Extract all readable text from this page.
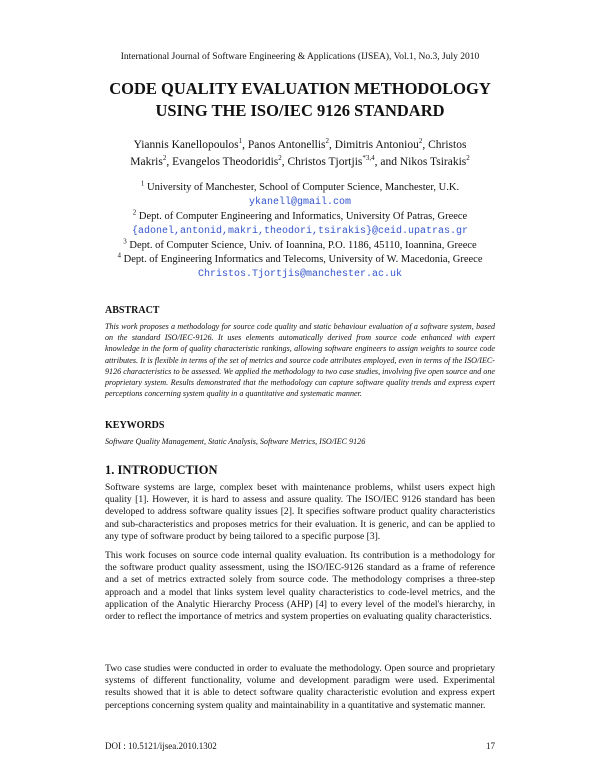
International Journal of Software Engineering & Applications (IJSEA), Vol.1, No.3, July 2010
CODE QUALITY EVALUATION METHODOLOGY
USING THE ISO/IEC 9126 STANDARD
Yiannis Kanellopoulos$^1$, Panos Antonellis$^2$, Dimitris Antoniou$^2$, Christos
Makris$^2$, Evangelos Theodoridis$^2$, Christos Tjortjis$^{*3,4}$, and Nikos Tsirakis$^2$
$^1$ University of Manchester, School of Computer Science, Manchester, U.K.
ykanell@gmail.com
$^2$ Dept. of Computer Engineering and Informatics, University Of Patras, Greece
{adonel,antonid,makri,theodori,tsirakis}@ceid.upatras.gr
$^3$ Dept. of Computer Science, Univ. of Ioannina, P.O. 1186, 45110, Ioannina, Greece
$^4$ Dept. of Engineering Informatics and Telecoms, University of W. Macedonia, Greece
Christos.Tjortjis@manchester.ac.uk
ABSTRACT
This work proposes a methodology for source code quality and static behaviour evaluation of a software system, based on the standard ISO/IEC-9126. It uses elements automatically derived from source code enhanced with expert knowledge in the form of quality characteristic rankings, allowing software engineers to assign weights to source code attributes. It is flexible in terms of the set of metrics and source code attributes employed, even in terms of the ISO/IEC-9126 characteristics to be assessed. We applied the methodology to two case studies, involving five open source and one proprietary system. Results demonstrated that the methodology can capture software quality trends and express expert perceptions concerning system quality in a quantitative and systematic manner.
KEYWORDS
Software Quality Management, Static Analysis, Software Metrics, ISO/IEC 9126
1. INTRODUCTION
Software systems are large, complex beset with maintenance problems, whilst users expect high quality [1]. However, it is hard to assess and assure quality. The ISO/IEC 9126 standard has been developed to address software quality issues [2]. It specifies software product quality characteristics and sub-characteristics and proposes metrics for their evaluation. It is generic, and can be applied to any type of software product by being tailored to a specific purpose [3].
This work focuses on source code internal quality evaluation. Its contribution is a methodology for the software product quality assessment, using the ISO/IEC-9126 standard as a frame of reference and a set of metrics extracted solely from source code. The methodology comprises a three-step approach and a model that links system level quality characteristics to code-level metrics, and the application of the Analytic Hierarchy Process (AHP) [4] to every level of the model's hierarchy, in order to reflect the importance of metrics and system properties on evaluating quality characteristics.
Two case studies were conducted in order to evaluate the methodology. Open source and proprietary systems of different functionality, volume and development paradigm were used. Experimental results showed that it is able to detect software quality characteristic evolution and express expert perceptions concerning system quality and maintainability in a quantitative and systematic manner.
DOI : 10.5121/ijsea.2010.1302	17
